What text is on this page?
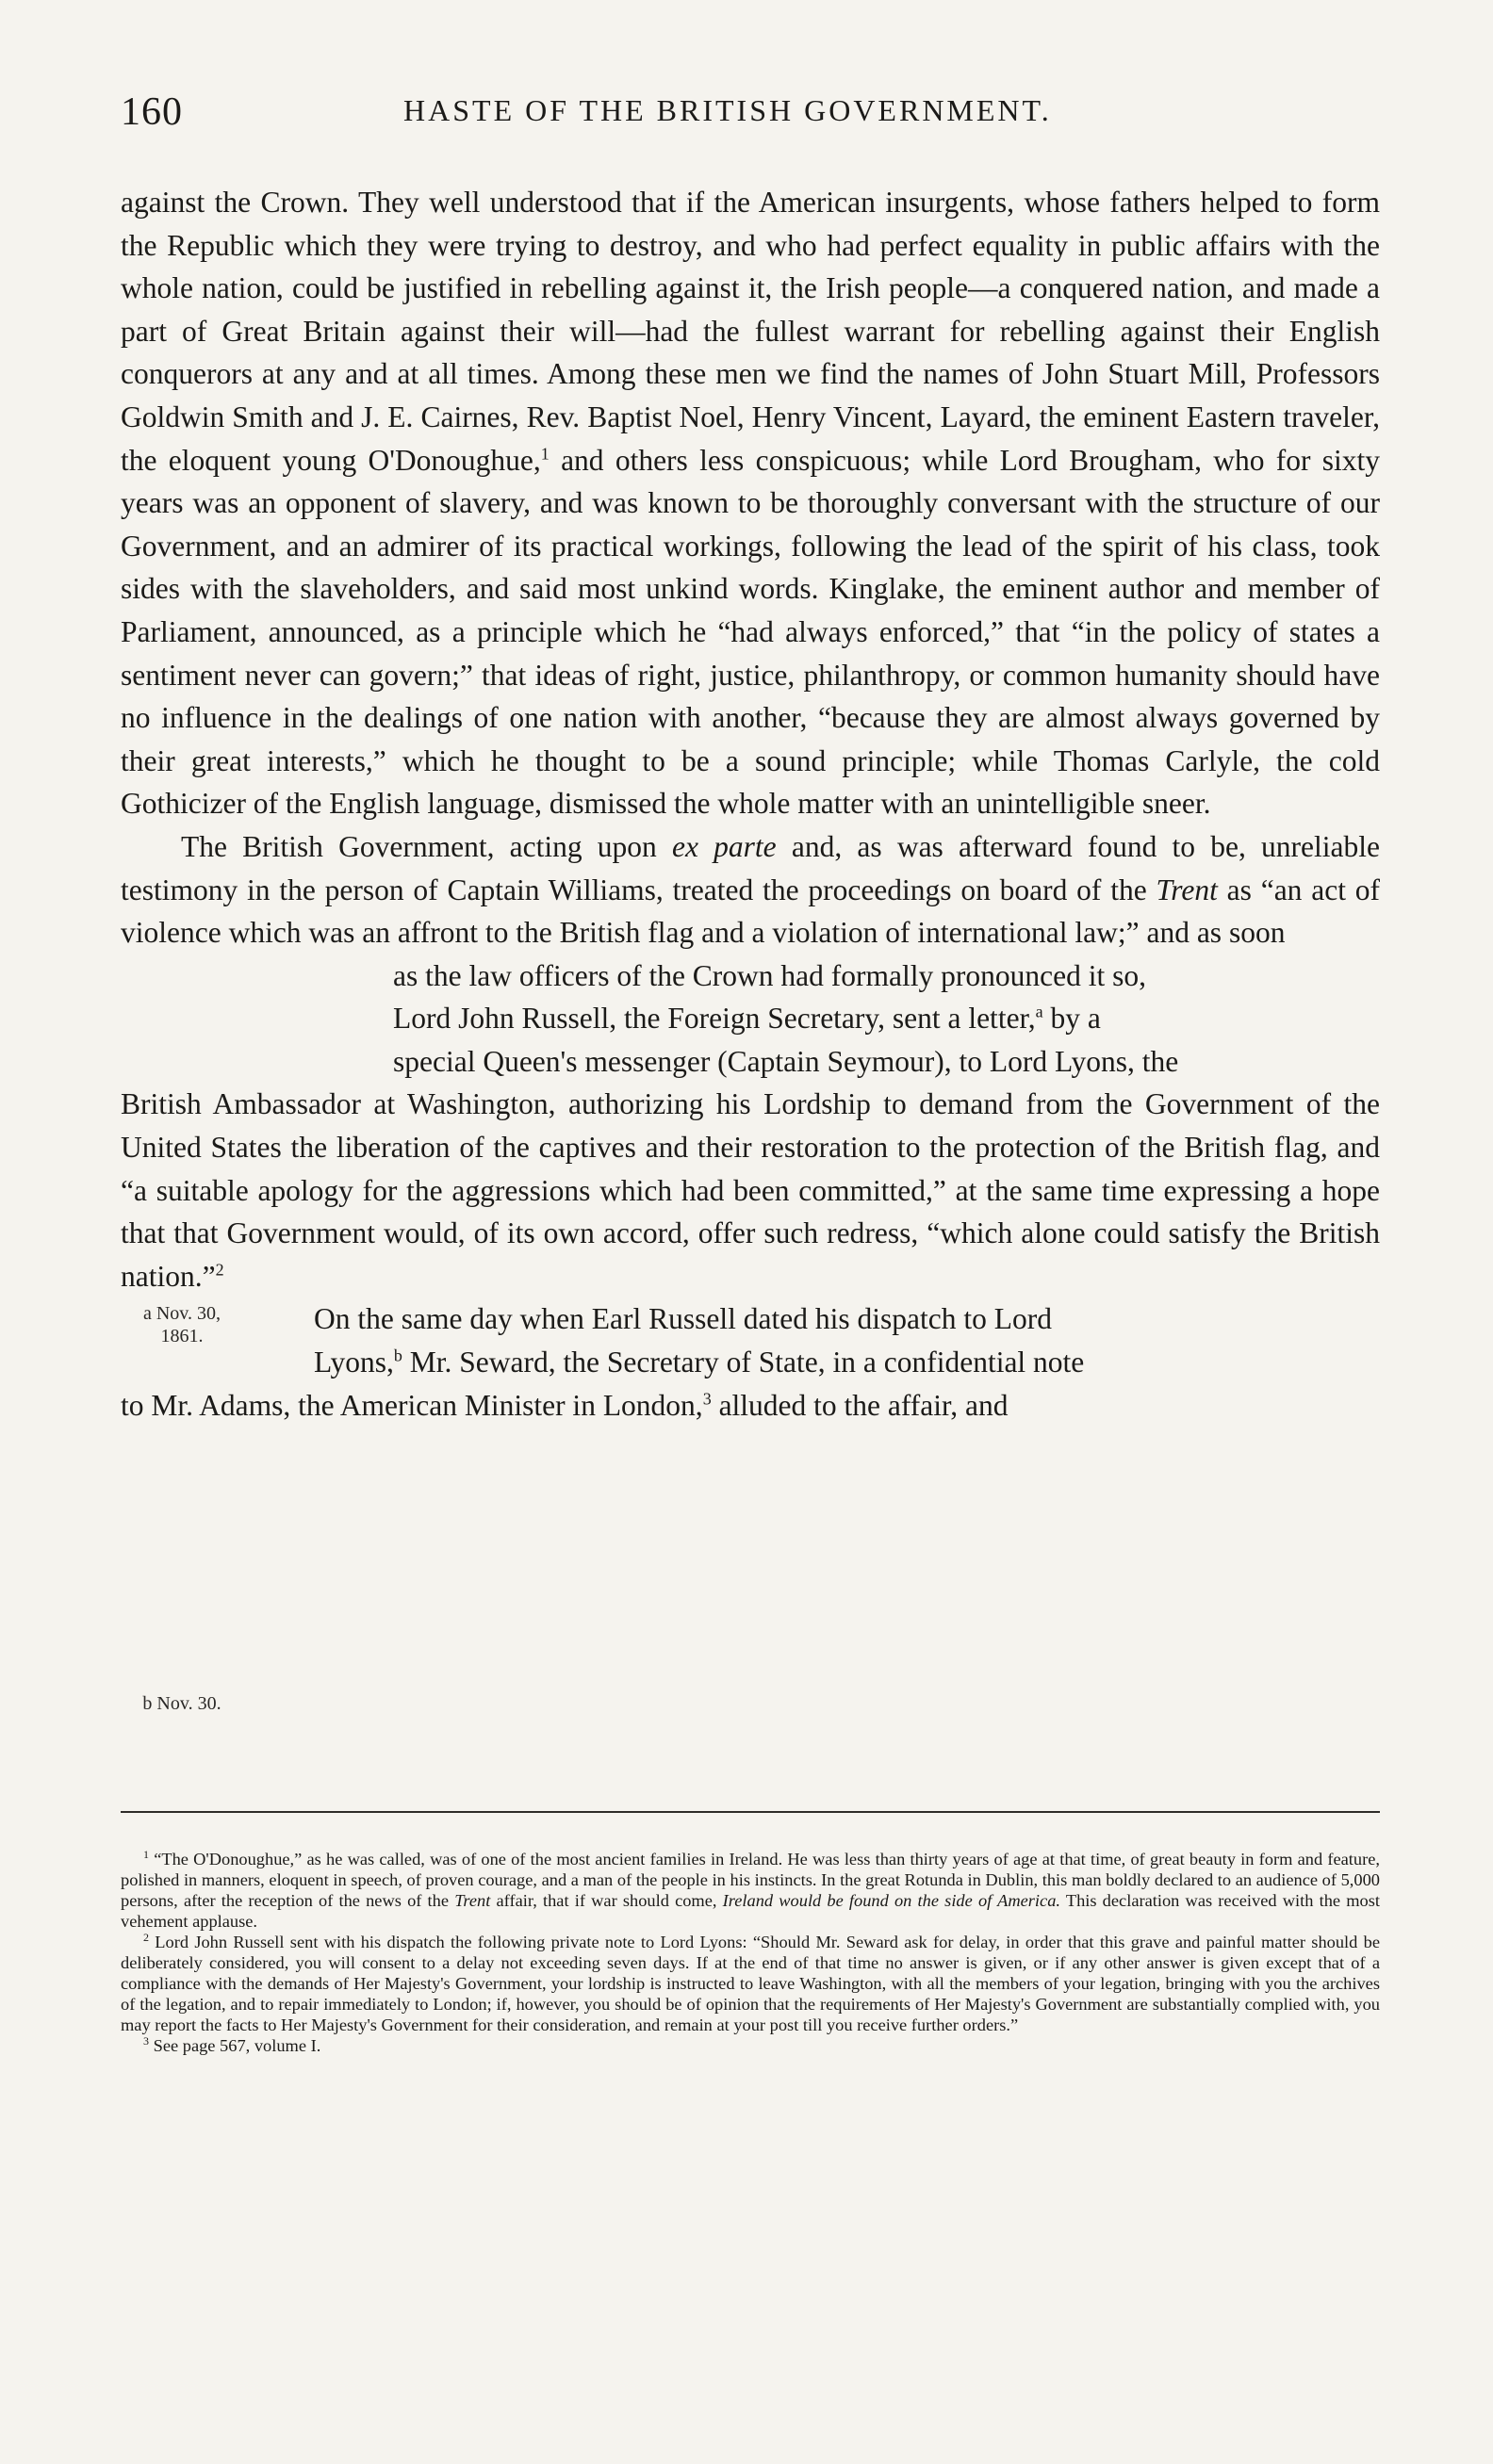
160	HASTE OF THE BRITISH GOVERNMENT.

against the Crown. They well understood that if the American insurgents, whose fathers helped to form the Republic which they were trying to destroy, and who had perfect equality in public affairs with the whole nation, could be justified in rebelling against it, the Irish people—a conquered nation, and made a part of Great Britain against their will—had the fullest warrant for rebelling against their English conquerors at any and at all times. Among these men we find the names of John Stuart Mill, Professors Goldwin Smith and J. E. Cairnes, Rev. Baptist Noel, Henry Vincent, Layard, the eminent Eastern traveler, the eloquent young O'Donoughue,$^1$ and others less conspicuous; while Lord Brougham, who for sixty years was an opponent of slavery, and was known to be thoroughly conversant with the structure of our Government, and an admirer of its practical workings, following the lead of the spirit of his class, took sides with the slaveholders, and said most unkind words. Kinglake, the eminent author and member of Parliament, announced, as a principle which he “had always enforced,” that “in the policy of states a sentiment never can govern;” that ideas of right, justice, philanthropy, or common humanity should have no influence in the dealings of one nation with another, “because they are almost always governed by their great interests,” which he thought to be a sound principle; while Thomas Carlyle, the cold Gothicizer of the English language, dismissed the whole matter with an unintelligible sneer.

The British Government, acting upon ex parte and, as was afterward found to be, unreliable testimony in the person of Captain Williams, treated the proceedings on board of the Trent as “an act of violence which was an affront to the British flag and a violation of international law;” and as soon
as the law officers of the Crown had formally pronounced it so,
Lord John Russell, the Foreign Secretary, sent a letter,$^a$ by a
special Queen's messenger (Captain Seymour), to Lord Lyons, the
British Ambassador at Washington, authorizing his Lordship to demand from the Government of the United States the liberation of the captives and their restoration to the protection of the British flag, and “a suitable apology for the aggressions which had been committed,” at the same time expressing a hope that that Government would, of its own accord, offer such redress, “which alone could satisfy the British nation.”$^2$

On the same day when Earl Russell dated his dispatch to Lord
Lyons,$^b$ Mr. Seward, the Secretary of State, in a confidential note
to Mr. Adams, the American Minister in London,$^3$ alluded to the affair, and

a Nov. 30, 1861.
b Nov. 30.

$^1$ “The O'Donoughue,” as he was called, was of one of the most ancient families in Ireland. He was less than thirty years of age at that time, of great beauty in form and feature, polished in manners, eloquent in speech, of proven courage, and a man of the people in his instincts. In the great Rotunda in Dublin, this man boldly declared to an audience of 5,000 persons, after the reception of the news of the Trent affair, that if war should come, Ireland would be found on the side of America. This declaration was received with the most vehement applause.

$^2$ Lord John Russell sent with his dispatch the following private note to Lord Lyons: “Should Mr. Seward ask for delay, in order that this grave and painful matter should be deliberately considered, you will consent to a delay not exceeding seven days. If at the end of that time no answer is given, or if any other answer is given except that of a compliance with the demands of Her Majesty's Government, your lordship is instructed to leave Washington, with all the members of your legation, bringing with you the archives of the legation, and to repair immediately to London; if, however, you should be of opinion that the requirements of Her Majesty's Government are substantially complied with, you may report the facts to Her Majesty's Government for their consideration, and remain at your post till you receive further orders.”

$^3$ See page 567, volume I.
